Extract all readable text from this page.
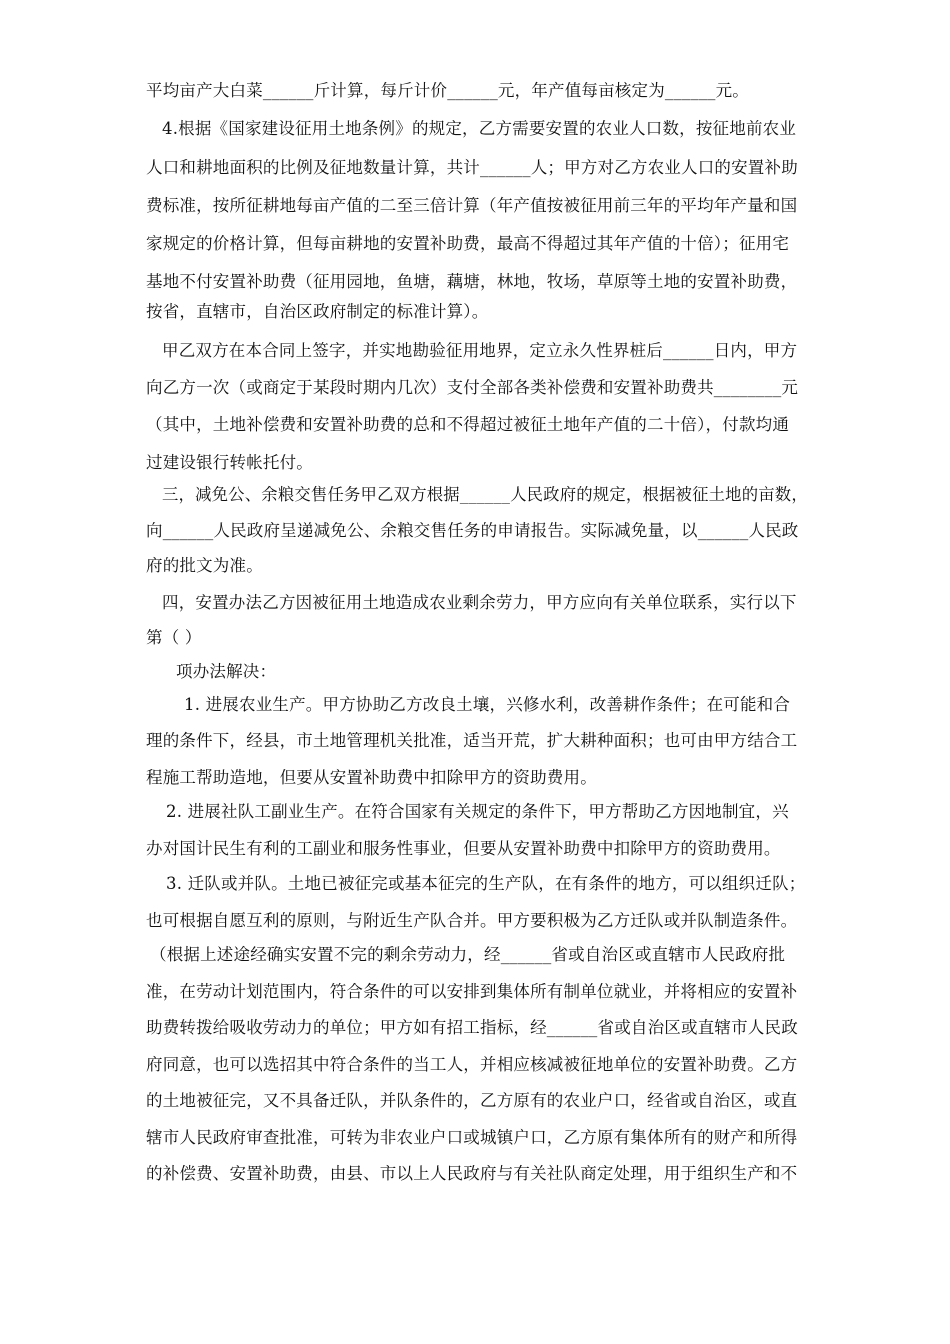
平均亩产大白菜______斤计算，每斤计价______元，年产值每亩核定为______元。
4.根据《国家建设征用土地条例》的规定，乙方需要安置的农业人口数，按征地前农业
人口和耕地面积的比例及征地数量计算，共计______人；甲方对乙方农业人口的安置补助
费标准，按所征耕地每亩产值的二至三倍计算（年产值按被征用前三年的平均年产量和国
家规定的价格计算，但每亩耕地的安置补助费，最高不得超过其年产值的十倍）；征用宅
基地不付安置补助费（征用园地，鱼塘，藕塘，林地，牧场，草原等土地的安置补助费，
按省，直辖市，自治区政府制定的标准计算）。
甲乙双方在本合同上签字，并实地勘验征用地界，定立永久性界桩后______日内，甲方
向乙方一次（或商定于某段时期内几次）支付全部各类补偿费和安置补助费共________元
（其中，土地补偿费和安置补助费的总和不得超过被征土地年产值的二十倍），付款均通
过建设银行转帐托付。
三，减免公、余粮交售任务甲乙双方根据______人民政府的规定，根据被征土地的亩数，
向______人民政府呈递减免公、余粮交售任务的申请报告。实际减免量，以______人民政
府的批文为准。
四，安置办法乙方因被征用土地造成农业剩余劳力，甲方应向有关单位联系，实行以下
第（ ）
项办法解决：
1. 进展农业生产。甲方协助乙方改良土壤，兴修水利，改善耕作条件；在可能和合
理的条件下，经县，市土地管理机关批准，适当开荒，扩大耕种面积；也可由甲方结合工
程施工帮助造地，但要从安置补助费中扣除甲方的资助费用。
2. 进展社队工副业生产。在符合国家有关规定的条件下，甲方帮助乙方因地制宜，兴
办对国计民生有利的工副业和服务性事业，但要从安置补助费中扣除甲方的资助费用。
3. 迁队或并队。土地已被征完或基本征完的生产队，在有条件的地方，可以组织迁队；
也可根据自愿互利的原则，与附近生产队合并。甲方要积极为乙方迁队或并队制造条件。
（根据上述途经确实安置不完的剩余劳动力，经______省或自治区或直辖市人民政府批
准，在劳动计划范围内，符合条件的可以安排到集体所有制单位就业，并将相应的安置补
助费转拨给吸收劳动力的单位；甲方如有招工指标，经______省或自治区或直辖市人民政
府同意，也可以选招其中符合条件的当工人，并相应核减被征地单位的安置补助费。乙方
的土地被征完，又不具备迁队，并队条件的，乙方原有的农业户口，经省或自治区，或直
辖市人民政府审查批准，可转为非农业户口或城镇户口，乙方原有集体所有的财产和所得
的补偿费、安置补助费，由县、市以上人民政府与有关社队商定处理，用于组织生产和不
